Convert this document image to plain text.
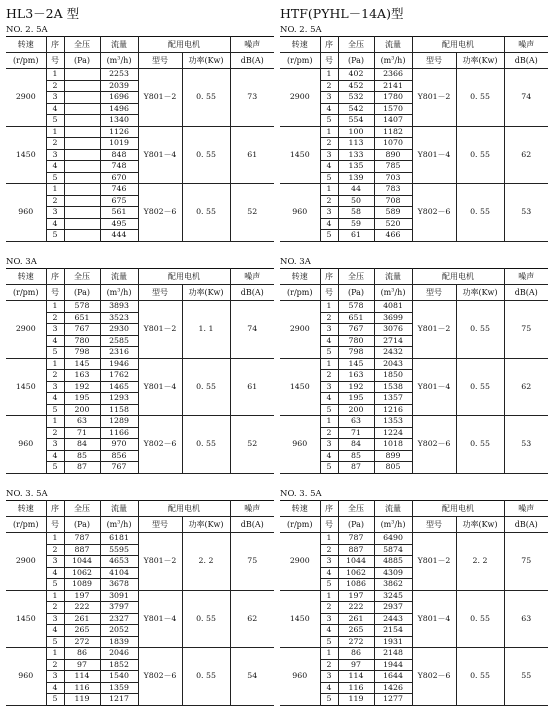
HL3－2A 型
NO. 2. 5A
转速	序	全压	流量	配用电机		噪声
(r/pm)	号	(Pa)	$(m^3/h)$	型号	功率(Kw)	dB(A)
2900	1		2253	Y801－2	0. 55	73
	2		2039			
	3		1696			
	4		1496			
	5		1340			
1450	1		1126	Y801－4	0. 55	61
	2		1019			
	3		848			
	4		748			
	5		670			
960	1		746	Y802－6	0. 55	52
	2		675			
	3		561			
	4		495			
	5		444			
NO. 3A
转速	序	全压	流量	配用电机		噪声
(r/pm)	号	(Pa)	$(m^3/h)$	型号	功率(Kw)	dB(A)
2900	1	578	3893	Y801－2	1. 1	74
	2	651	3523			
	3	767	2930			
	4	780	2585			
	5	798	2316			
1450	1	145	1946	Y801－4	0. 55	61
	2	163	1762			
	3	192	1465			
	4	195	1293			
	5	200	1158			
960	1	63	1289	Y802－6	0. 55	52
	2	71	1166			
	3	84	970			
	4	85	856			
	5	87	767			
NO. 3. 5A
转速	序	全压	流量	配用电机		噪声
(r/pm)	号	(Pa)	$(m^3/h)$	型号	功率(Kw)	dB(A)
2900	1	787	6181	Y801－2	2. 2	75
	2	887	5595			
	3	1044	4653			
	4	1062	4104			
	5	1089	3678			
1450	1	197	3091	Y801－4	0. 55	62
	2	222	3797			
	3	261	2327			
	4	265	2052			
	5	272	1839			
960	1	86	2046	Y802－6	0. 55	54
	2	97	1852			
	3	114	1540			
	4	116	1359			
	5	119	1217			
HTF(PYHL－14A)型
NO. 2. 5A
转速	序	全压	流量	配用电机		噪声
(r/pm)	号	(Pa)	$(m^3/h)$	型号	功率(Kw)	dB(A)
2900	1	402	2366	Y801－2	0. 55	74
	2	452	2141			
	3	532	1780			
	4	542	1570			
	5	554	1407			
1450	1	100	1182	Y801－4	0. 55	62
	2	113	1070			
	3	133	890			
	4	135	785			
	5	139	703			
960	1	44	783	Y802－6	0. 55	53
	2	50	708			
	3	58	589			
	4	59	520			
	5	61	466			
NO. 3A
转速	序	全压	流量	配用电机		噪声
(r/pm)	号	(Pa)	$(m^3/h)$	型号	功率(Kw)	dB(A)
2900	1	578	4081	Y801－2	0. 55	75
	2	651	3699			
	3	767	3076			
	4	780	2714			
	5	798	2432			
1450	1	145	2043	Y801－4	0. 55	62
	2	163	1850			
	3	192	1538			
	4	195	1357			
	5	200	1216			
960	1	63	1353	Y802－6	0. 55	53
	2	71	1224			
	3	84	1018			
	4	85	899			
	5	87	805			
NO. 3. 5A
转速	序	全压	流量	配用电机		噪声
(r/pm)	号	(Pa)	$(m^3/h)$	型号	功率(Kw)	dB(A)
2900	1	787	6490	Y801－2	2. 2	75
	2	887	5874			
	3	1044	4885			
	4	1062	4309			
	5	1086	3862			
1450	1	197	3245	Y801－4	0. 55	63
	2	222	2937			
	3	261	2443			
	4	265	2154			
	5	272	1931			
960	1	86	2148	Y802－6	0. 55	55
	2	97	1944			
	3	114	1644			
	4	116	1426			
	5	119	1277			
